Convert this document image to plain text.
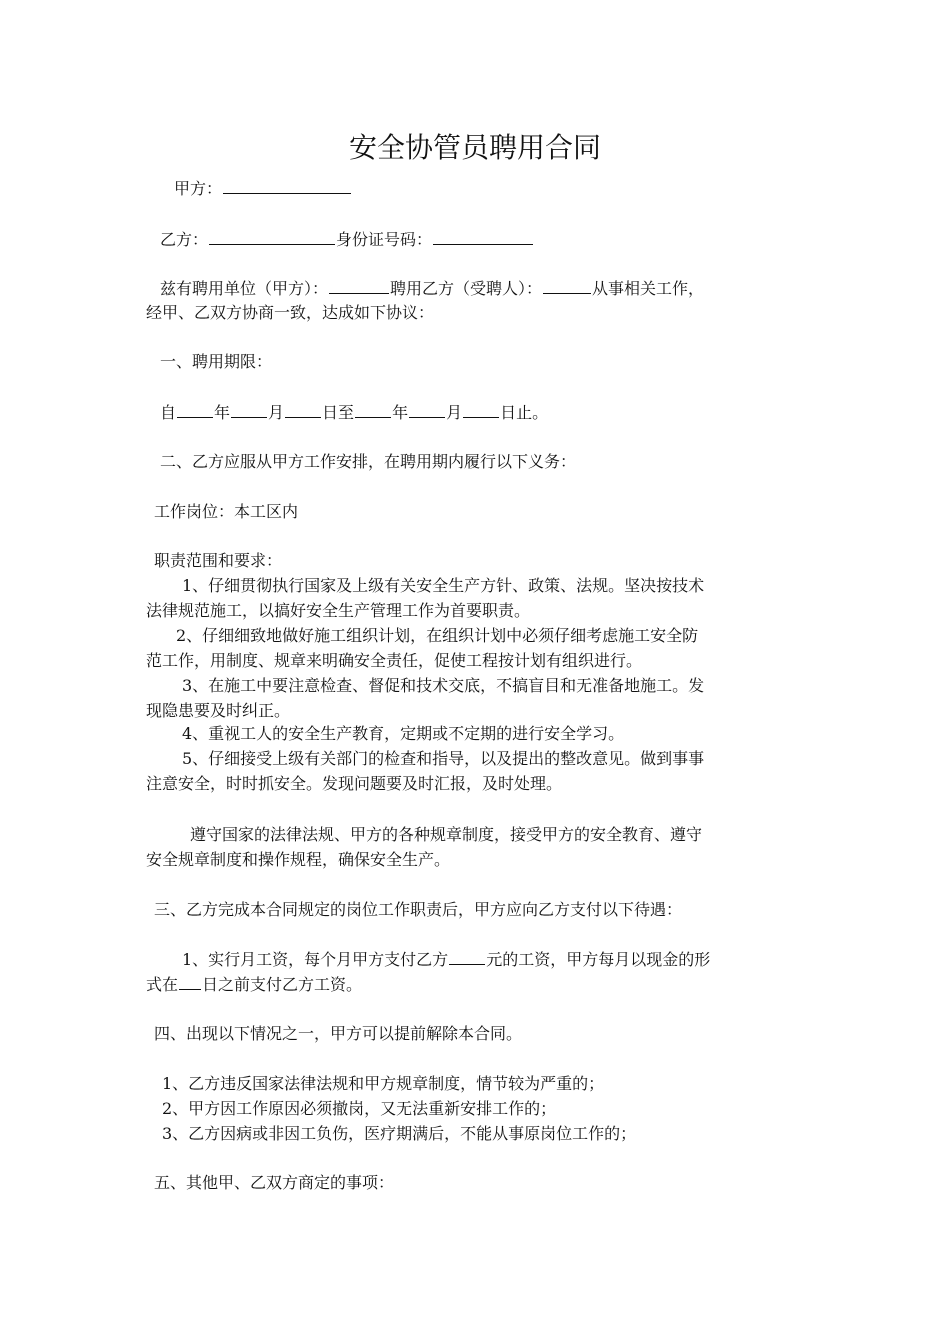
安全协管员聘用合同
甲方：
乙方：	身份证号码：
兹有聘用单位（甲方）：	聘用乙方（受聘人）：	从事相关工作，
经甲、乙双方协商一致，达成如下协议：
一、聘用期限：
自 年 月 日至 年 月 日止。
二、乙方应服从甲方工作安排，在聘用期内履行以下义务：
工作岗位：本工区内
职责范围和要求：
1、仔细贯彻执行国家及上级有关安全生产方针、政策、法规。坚决按技术
法律规范施工，以搞好安全生产管理工作为首要职责。
2、仔细细致地做好施工组织计划，在组织计划中必须仔细考虑施工安全防
范工作，用制度、规章来明确安全责任，促使工程按计划有组织进行。
3、在施工中要注意检查、督促和技术交底，不搞盲目和无准备地施工。发
现隐患要及时纠正。
4、重视工人的安全生产教育，定期或不定期的进行安全学习。
5、仔细接受上级有关部门的检查和指导，以及提出的整改意见。做到事事
注意安全，时时抓安全。发现问题要及时汇报，及时处理。
遵守国家的法律法规、甲方的各种规章制度，接受甲方的安全教育、遵守
安全规章制度和操作规程，确保安全生产。
三、乙方完成本合同规定的岗位工作职责后，甲方应向乙方支付以下待遇：
1、实行月工资，每个月甲方支付乙方 元的工资，甲方每月以现金的形
式在 日之前支付乙方工资。
四、出现以下情况之一，甲方可以提前解除本合同。
1、乙方违反国家法律法规和甲方规章制度，情节较为严重的；
2、甲方因工作原因必须撤岗，又无法重新安排工作的；
3、乙方因病或非因工负伤，医疗期满后，不能从事原岗位工作的；
五、其他甲、乙双方商定的事项：
